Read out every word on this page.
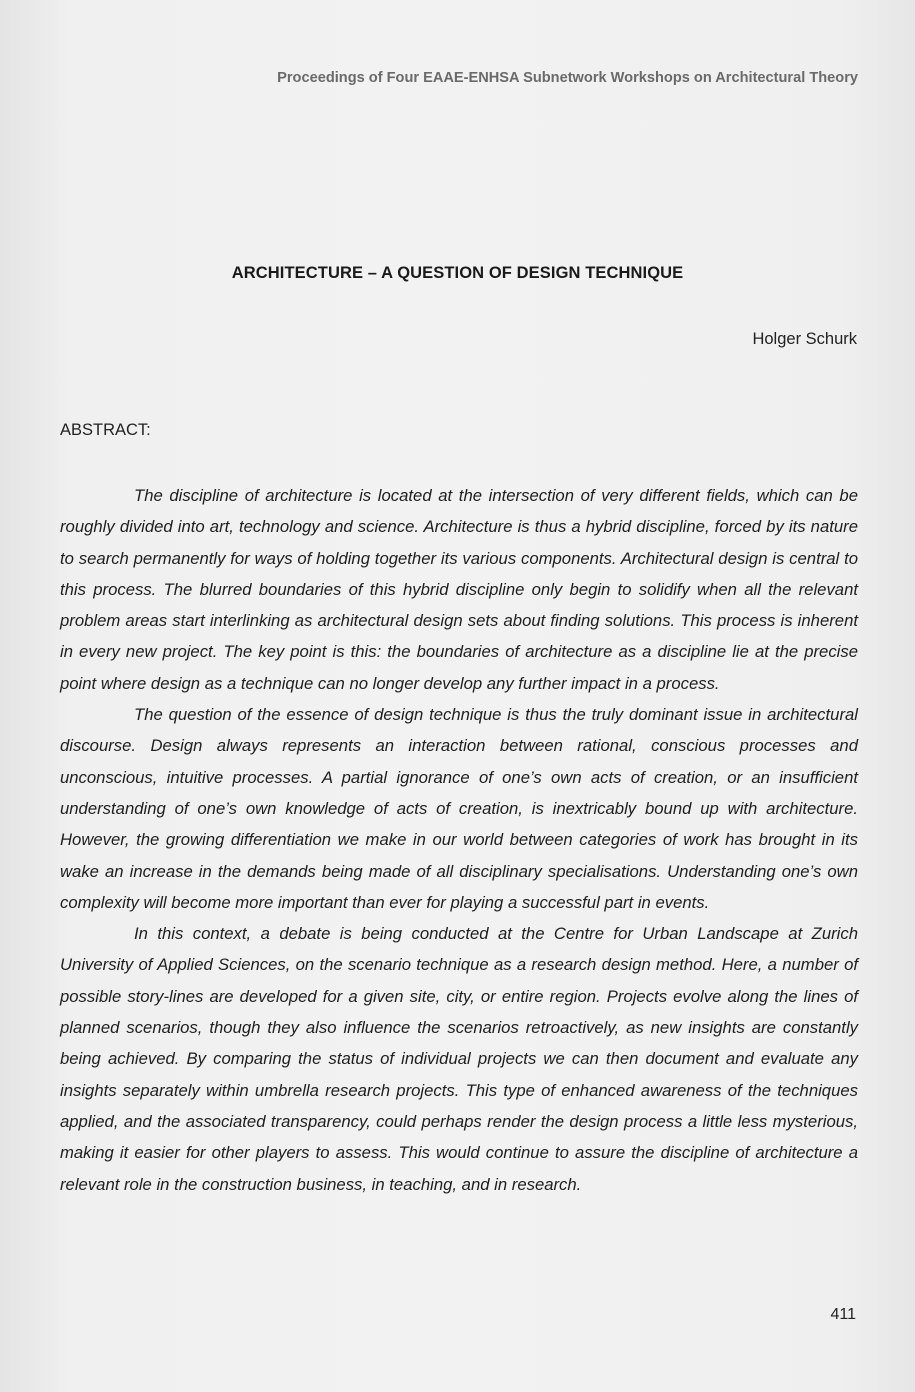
Proceedings of Four EAAE-ENHSA Subnetwork Workshops on Architectural Theory
ARCHITECTURE – A QUESTION OF DESIGN TECHNIQUE
Holger Schurk
ABSTRACT:

The discipline of architecture is located at the intersection of very different fields, which can be roughly divided into art, technology and science. Architecture is thus a hybrid discipline, forced by its nature to search permanently for ways of holding together its various components. Architectural design is central to this process. The blurred boundaries of this hybrid discipline only begin to solidify when all the relevant problem areas start interlinking as architectural design sets about finding solutions. This process is inherent in every new project. The key point is this: the boundaries of architecture as a discipline lie at the precise point where design as a technique can no longer develop any further impact in a process.

The question of the essence of design technique is thus the truly dominant issue in architectural discourse. Design always represents an interaction between rational, conscious processes and unconscious, intuitive processes. A partial ignorance of one’s own acts of creation, or an insufficient understanding of one’s own knowledge of acts of creation, is inextricably bound up with architecture. However, the growing differentiation we make in our world between categories of work has brought in its wake an increase in the demands being made of all disciplinary specialisations. Understanding one’s own complexity will become more important than ever for playing a successful part in events.

In this context, a debate is being conducted at the Centre for Urban Landscape at Zurich University of Applied Sciences, on the scenario technique as a research design method. Here, a number of possible story-lines are developed for a given site, city, or entire region. Projects evolve along the lines of planned scenarios, though they also influence the scenarios retroactively, as new insights are constantly being achieved. By comparing the status of individual projects we can then document and evaluate any insights separately within umbrella research projects. This type of enhanced awareness of the techniques applied, and the associated transparency, could perhaps render the design process a little less mysterious, making it easier for other players to assess. This would continue to assure the discipline of architecture a relevant role in the construction business, in teaching, and in research.

411
